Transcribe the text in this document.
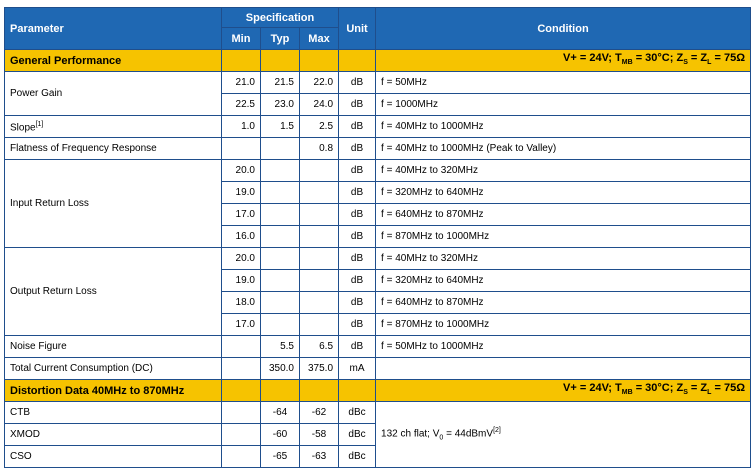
Parameter	Specification			Unit	Condition
	Min	Typ	Max		
General Performance					V+ = 24V; $T_{MB} = 30^\circ C$; $Z_S = Z_L = 75\Omega$
Power Gain	21.0	21.5	22.0	dB	f = 50MHz
	22.5	23.0	24.0	dB	f = 1000MHz
Slope[1]	1.0	1.5	2.5	dB	f = 40MHz to 1000MHz
Flatness of Frequency Response			0.8	dB	f = 40MHz to 1000MHz (Peak to Valley)
Input Return Loss	20.0			dB	f = 40MHz to 320MHz
	19.0			dB	f = 320MHz to 640MHz
	17.0			dB	f = 640MHz to 870MHz
	16.0			dB	f = 870MHz to 1000MHz
Output Return Loss	20.0			dB	f = 40MHz to 320MHz
	19.0			dB	f = 320MHz to 640MHz
	18.0			dB	f = 640MHz to 870MHz
	17.0			dB	f = 870MHz to 1000MHz
Noise Figure		5.5	6.5	dB	f = 50MHz to 1000MHz
Total Current Consumption (DC)		350.0	375.0	mA	
Distortion Data 40MHz to 870MHz					V+ = 24V; $T_{MB} = 30^\circ C$; $Z_S = Z_L = 75\Omega$
CTB		-64	-62	dBc	132 ch flat; $V_0$ = 44dBmV[2]
XMOD		-60	-58	dBc	
CSO		-65	-63	dBc	
